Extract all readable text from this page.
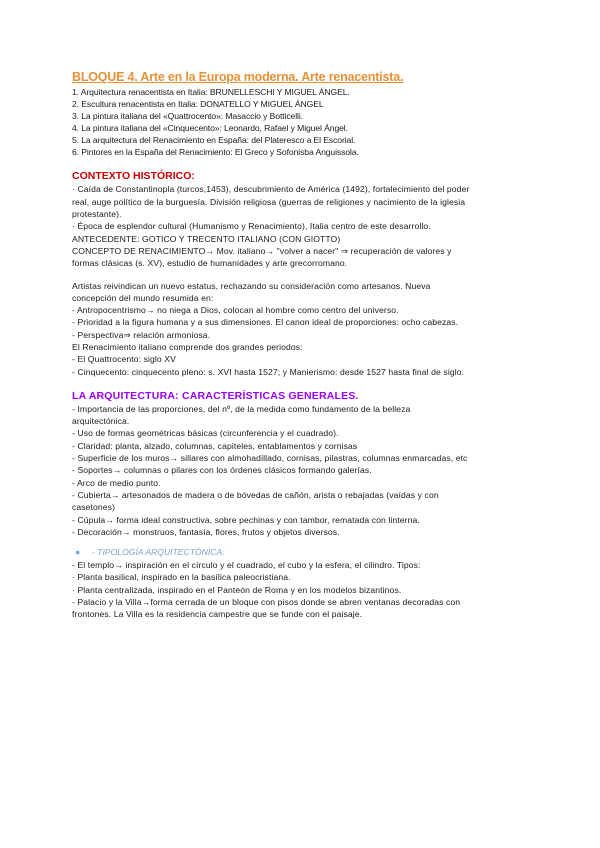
BLOQUE 4. Arte en la Europa moderna. Arte renacentista.
1. Arquitectura renacentista en Italia: BRUNELLESCHI Y MIGUEL ÁNGEL.
2. Escultura renacentista en Italia: DONATELLO Y MIGUEL ÁNGEL
3. La pintura italiana del «Quattrocento»: Masaccio y Botticelli.
4. La pintura italiana del «Cinquecento»: Leonardo, Rafael y Miguel Ángel.
5. La arquitectura del Renacimiento en España: del Plateresco a El Escorial.
6. Pintores en la España del Renacimiento: El Greco y Sofonisba Anguissola.
CONTEXTO HISTÓRICO:
· Caída de Constantinopla (turcos,1453), descubrimiento de América (1492), fortalecimiento del poder
real, auge político de la burguesía. División religiosa (guerras de religiones y nacimiento de la iglesia
protestante).
· Época de esplendor cultural (Humanismo y Renacimiento), Italia centro de este desarrollo.
ANTECEDENTE: GOTICO Y TRECENTO ITALIANO (CON GIOTTO)
CONCEPTO DE RENACIMIENTO→ Mov. italiano→ "volver a nacer" ⇒ recuperación de valores y
formas clásicas (s. XV), estudio de humanidades y arte grecorromano.
Artistas reivindican un nuevo estatus, rechazando su consideración como artesanos. Nueva
concepción del mundo resumida en:
- Antropocentrismo→ no niega a Dios, colocan al hombre como centro del universo.
- Prioridad a la figura humana y a sus dimensiones. El canon ideal de proporciones: ocho cabezas.
- Perspectiva⇒ relación armoniosa.
El Renacimiento italiano comprende dos grandes periodos:
- El Quattrocento: siglo XV
- Cinquecento: cinquecento pleno: s. XVI hasta 1527; y Manierismo: desde 1527 hasta final de siglo.
LA ARQUITECTURA: CARACTERÍSTICAS GENERALES.
- Importancia de las proporciones, del nº, de la medida como fundamento de la belleza
arquitectónica.
- Uso de formas geométricas básicas (circunferencia y el cuadrado).
- Claridad: planta, alzado, columnas, capiteles, entablamentos y cornisas
- Superficie de los muros→ sillares con almohadillado, cornisas, pilastras, columnas enmarcadas, etc
- Soportes→ columnas o pilares con los órdenes clásicos formando galerías.
- Arco de medio punto.
- Cubierta→ artesonados de madera o de bóvedas de cañón, arista o rebajadas (vaídas y con
casetones)
- Cúpula→ forma ideal constructiva, sobre pechinas y con tambor, rematada con linterna.
- Decoración→ monstruos, fantasía, flores, frutos y objetos diversos.
● - TIPOLOGÍA ARQUITECTÓNICA:
- El templo→ inspiración en el círculo y el cuadrado, el cubo y la esfera, el cilindro. Tipos:
· Planta basilical, inspirado en la basílica paleocristiana.
· Planta centralizada, inspirado en el Panteón de Roma y en los modelos bizantinos.
- Palacio y la Villa→forma cerrada de un bloque con pisos donde se abren ventanas decoradas con
frontones. La Villa es la residencia campestre que se funde con el paisaje.
